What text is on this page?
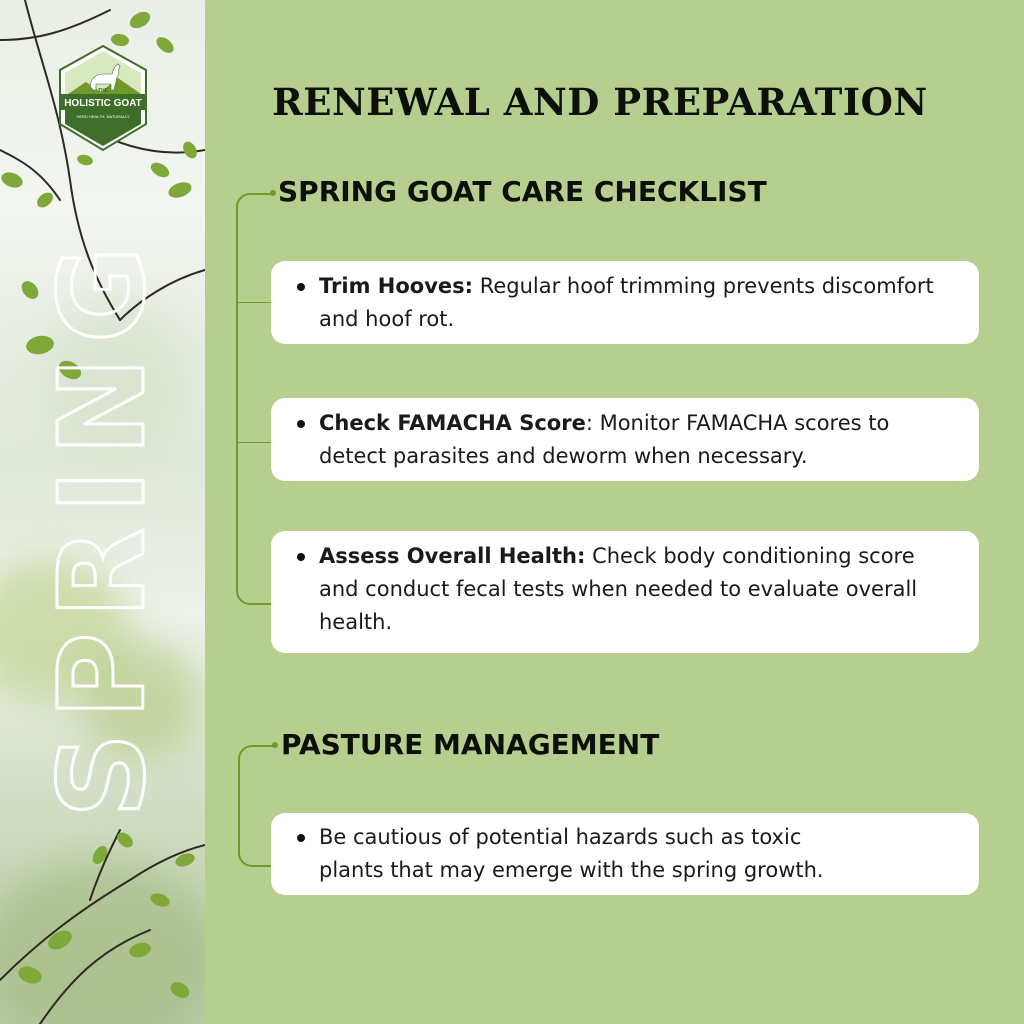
SPRING
THE
HOLISTIC GOAT
HERD HEALTH, NATURALLY	RENEWAL AND PREPARATION
SPRING GOAT CARE CHECKLIST
Trim Hooves: Regular hoof trimming prevents discomfort and hoof rot.
Check FAMACHA Score: Monitor FAMACHA scores to detect parasites and deworm when necessary.
Assess Overall Health: Check body conditioning score and conduct fecal tests when needed to evaluate overall health.
PASTURE MANAGEMENT
Be cautious of potential hazards such as toxic plants that may emerge with the spring growth.
